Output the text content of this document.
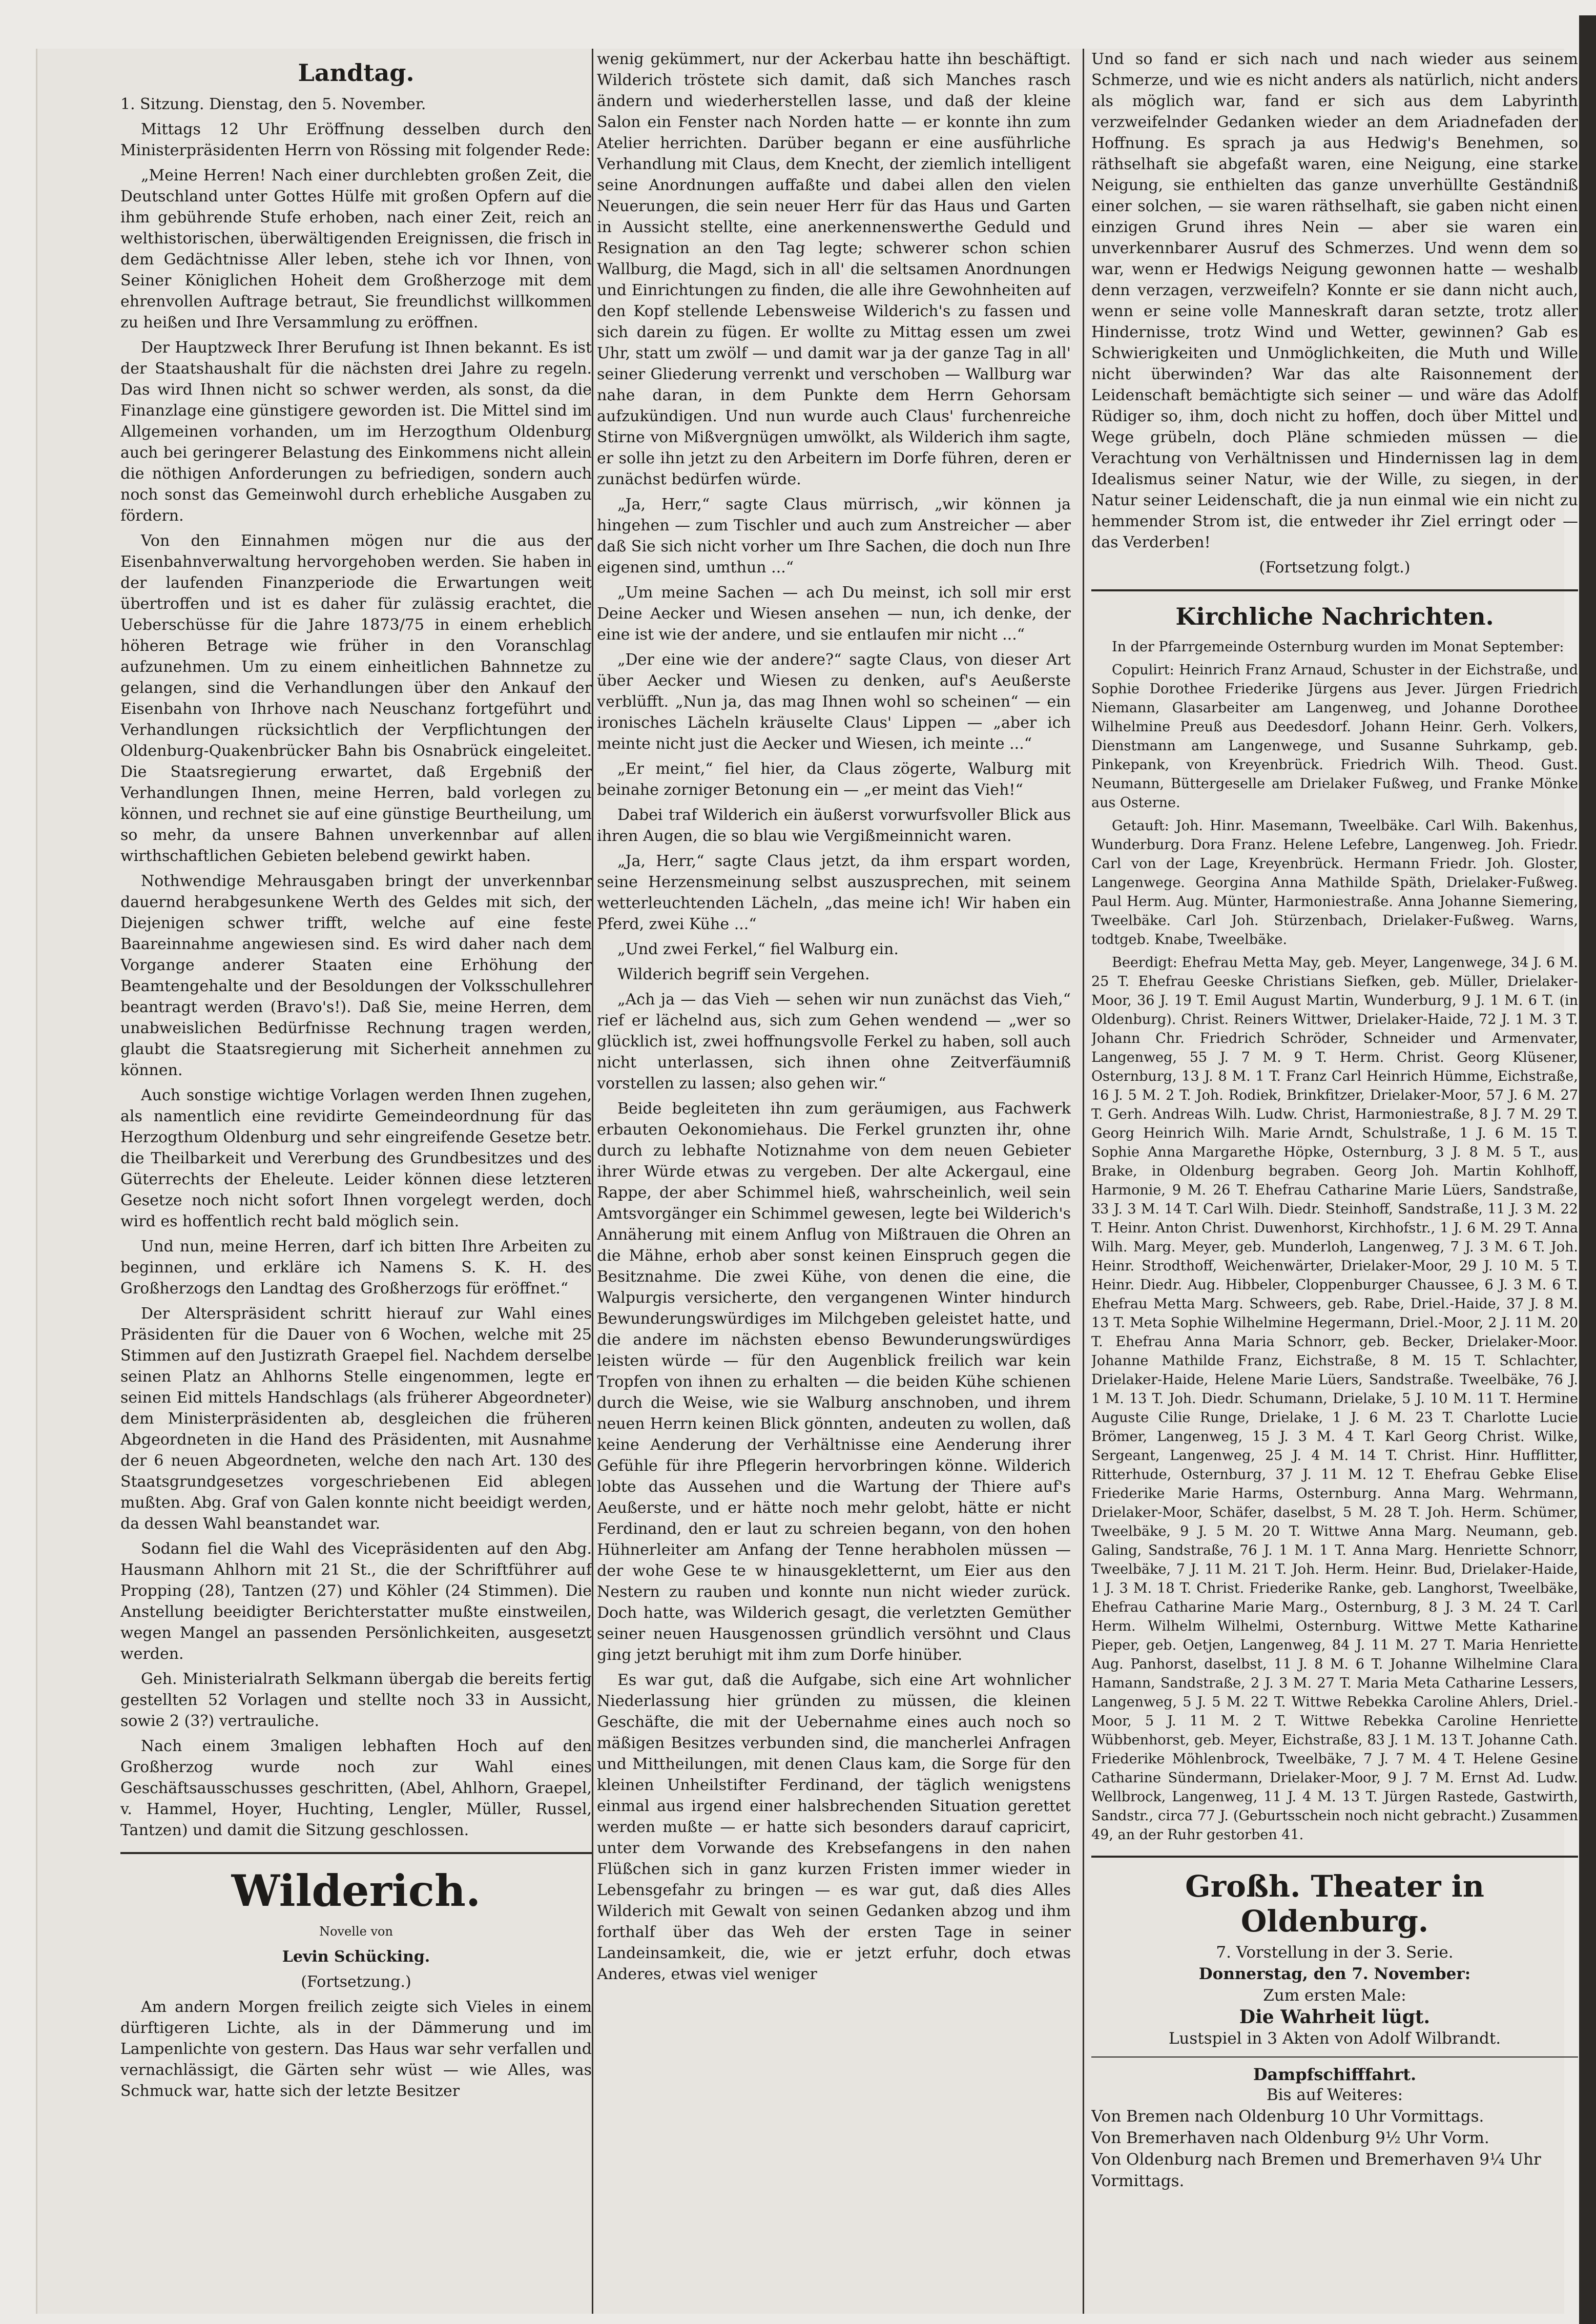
Landtag.

1. Sitzung. Dienstag, den 5. November.

Mittags 12 Uhr Eröffnung desselben durch den Ministerpräsidenten Herrn von Rössing mit folgender Rede:

„Meine Herren! Nach einer durchlebten großen Zeit, die Deutschland unter Gottes Hülfe mit großen Opfern auf die ihm gebührende Stufe erhoben, nach einer Zeit, reich an welthistorischen, überwältigenden Ereignissen, die frisch in dem Gedächtnisse Aller leben, stehe ich vor Ihnen, von Seiner Königlichen Hoheit dem Großherzoge mit dem ehrenvollen Auftrage betraut, Sie freundlichst willkommen zu heißen und Ihre Versammlung zu eröffnen.

Der Hauptzweck Ihrer Berufung ist Ihnen bekannt. Es ist der Staatshaushalt für die nächsten drei Jahre zu regeln. Das wird Ihnen nicht so schwer werden, als sonst, da die Finanzlage eine günstigere geworden ist. Die Mittel sind im Allgemeinen vorhanden, um im Herzogthum Oldenburg auch bei geringerer Belastung des Einkommens nicht allein die nöthigen Anforderungen zu befriedigen, sondern auch noch sonst das Gemeinwohl durch erhebliche Ausgaben zu fördern.

Von den Einnahmen mögen nur die aus der Eisenbahnverwaltung hervorgehoben werden. Sie haben in der laufenden Finanzperiode die Erwartungen weit übertroffen und ist es daher für zulässig erachtet, die Ueberschüsse für die Jahre 1873/75 in einem erheblich höheren Betrage wie früher in den Voranschlag aufzunehmen. Um zu einem einheitlichen Bahnnetze zu gelangen, sind die Verhandlungen über den Ankauf der Eisenbahn von Ihrhove nach Neuschanz fortgeführt und Verhandlungen rücksichtlich der Verpflichtungen der Oldenburg-Quakenbrücker Bahn bis Osnabrück eingeleitet. Die Staatsregierung erwartet, daß Ergebniß der Verhandlungen Ihnen, meine Herren, bald vorlegen zu können, und rechnet sie auf eine günstige Beurtheilung, um so mehr, da unsere Bahnen unverkennbar auf allen wirthschaftlichen Gebieten belebend gewirkt haben.

Nothwendige Mehrausgaben bringt der unverkennbar dauernd herabgesunkene Werth des Geldes mit sich, der Diejenigen schwer trifft, welche auf eine feste Baareinnahme angewiesen sind. Es wird daher nach dem Vorgange anderer Staaten eine Erhöhung der Beamtengehalte und der Besoldungen der Volksschullehrer beantragt werden (Bravo's!). Daß Sie, meine Herren, dem unabweislichen Bedürfnisse Rechnung tragen werden, glaubt die Staatsregierung mit Sicherheit annehmen zu können.

Auch sonstige wichtige Vorlagen werden Ihnen zugehen, als namentlich eine revidirte Gemeindeordnung für das Herzogthum Oldenburg und sehr eingreifende Gesetze betr. die Theilbarkeit und Vererbung des Grundbesitzes und des Güterrechts der Eheleute. Leider können diese letzteren Gesetze noch nicht sofort Ihnen vorgelegt werden, doch wird es hoffentlich recht bald möglich sein.

Und nun, meine Herren, darf ich bitten Ihre Arbeiten zu beginnen, und erkläre ich Namens S. K. H. des Großherzogs den Landtag des Großherzogs für eröffnet.“

Der Alterspräsident schritt hierauf zur Wahl eines Präsidenten für die Dauer von 6 Wochen, welche mit 25 Stimmen auf den Justizrath Graepel fiel. Nachdem derselbe seinen Platz an Ahlhorns Stelle eingenommen, legte er seinen Eid mittels Handschlags (als früherer Abgeordneter) dem Ministerpräsidenten ab, desgleichen die früheren Abgeordneten in die Hand des Präsidenten, mit Ausnahme der 6 neuen Abgeordneten, welche den nach Art. 130 des Staatsgrundgesetzes vorgeschriebenen Eid ablegen mußten. Abg. Graf von Galen konnte nicht beeidigt werden, da dessen Wahl beanstandet war.

Sodann fiel die Wahl des Vicepräsidenten auf den Abg. Hausmann Ahlhorn mit 21 St., die der Schriftführer auf Propping (28), Tantzen (27) und Köhler (24 Stimmen). Die Anstellung beeidigter Berichterstatter mußte einstweilen, wegen Mangel an passenden Persönlichkeiten, ausgesetzt werden.

Geh. Ministerialrath Selkmann übergab die bereits fertig gestellten 52 Vorlagen und stellte noch 33 in Aussicht, sowie 2 (3?) vertrauliche.

Nach einem 3maligen lebhaften Hoch auf den Großherzog wurde noch zur Wahl eines Geschäftsausschusses geschritten, (Abel, Ahlhorn, Graepel, v. Hammel, Hoyer, Huchting, Lengler, Müller, Russel, Tantzen) und damit die Sitzung geschlossen.

Wilderich.

Novelle von

Levin Schücking.

(Fortsetzung.)

Am andern Morgen freilich zeigte sich Vieles in einem dürftigeren Lichte, als in der Dämmerung und im Lampenlichte von gestern. Das Haus war sehr verfallen und vernachlässigt, die Gärten sehr wüst — wie Alles, was Schmuck war, hatte sich der letzte Besitzer

wenig gekümmert, nur der Ackerbau hatte ihn beschäftigt. Wilderich tröstete sich damit, daß sich Manches rasch ändern und wiederherstellen lasse, und daß der kleine Salon ein Fenster nach Norden hatte — er konnte ihn zum Atelier herrichten. Darüber begann er eine ausführliche Verhandlung mit Claus, dem Knecht, der ziemlich intelligent seine Anordnungen auffaßte und dabei allen den vielen Neuerungen, die sein neuer Herr für das Haus und Garten in Aussicht stellte, eine anerkennenswerthe Geduld und Resignation an den Tag legte; schwerer schon schien Wallburg, die Magd, sich in all' die seltsamen Anordnungen und Einrichtungen zu finden, die alle ihre Gewohnheiten auf den Kopf stellende Lebensweise Wilderich's zu fassen und sich darein zu fügen. Er wollte zu Mittag essen um zwei Uhr, statt um zwölf — und damit war ja der ganze Tag in all' seiner Gliederung verrenkt und verschoben — Wallburg war nahe daran, in dem Punkte dem Herrn Gehorsam aufzukündigen. Und nun wurde auch Claus' furchenreiche Stirne von Mißvergnügen umwölkt, als Wilderich ihm sagte, er solle ihn jetzt zu den Arbeitern im Dorfe führen, deren er zunächst bedürfen würde.

„Ja, Herr,“ sagte Claus mürrisch, „wir können ja hingehen — zum Tischler und auch zum Anstreicher — aber daß Sie sich nicht vorher um Ihre Sachen, die doch nun Ihre eigenen sind, umthun ...“

„Um meine Sachen — ach Du meinst, ich soll mir erst Deine Aecker und Wiesen ansehen — nun, ich denke, der eine ist wie der andere, und sie entlaufen mir nicht ...“

„Der eine wie der andere?“ sagte Claus, von dieser Art über Aecker und Wiesen zu denken, auf's Aeußerste verblüfft. „Nun ja, das mag Ihnen wohl so scheinen“ — ein ironisches Lächeln kräuselte Claus' Lippen — „aber ich meinte nicht just die Aecker und Wiesen, ich meinte ...“

„Er meint,“ fiel hier, da Claus zögerte, Walburg mit beinahe zorniger Betonung ein — „er meint das Vieh!“

Dabei traf Wilderich ein äußerst vorwurfsvoller Blick aus ihren Augen, die so blau wie Vergißmeinnicht waren.

„Ja, Herr,“ sagte Claus jetzt, da ihm erspart worden, seine Herzensmeinung selbst auszusprechen, mit seinem wetterleuchtenden Lächeln, „das meine ich! Wir haben ein Pferd, zwei Kühe ...“

„Und zwei Ferkel,“ fiel Walburg ein.

Wilderich begriff sein Vergehen.

„Ach ja — das Vieh — sehen wir nun zunächst das Vieh,“ rief er lächelnd aus, sich zum Gehen wendend — „wer so glücklich ist, zwei hoffnungsvolle Ferkel zu haben, soll auch nicht unterlassen, sich ihnen ohne Zeitverfäumniß vorstellen zu lassen; also gehen wir.“

Beide begleiteten ihn zum geräumigen, aus Fachwerk erbauten Oekonomiehaus. Die Ferkel grunzten ihr, ohne durch zu lebhafte Notiznahme von dem neuen Gebieter ihrer Würde etwas zu vergeben. Der alte Ackergaul, eine Rappe, der aber Schimmel hieß, wahrscheinlich, weil sein Amtsvorgänger ein Schimmel gewesen, legte bei Wilderich's Annäherung mit einem Anflug von Mißtrauen die Ohren an die Mähne, erhob aber sonst keinen Einspruch gegen die Besitznahme. Die zwei Kühe, von denen die eine, die Walpurgis versicherte, den vergangenen Winter hindurch Bewunderungswürdiges im Milchgeben geleistet hatte, und die andere im nächsten ebenso Bewunderungswürdiges leisten würde — für den Augenblick freilich war kein Tropfen von ihnen zu erhalten — die beiden Kühe schienen durch die Weise, wie sie Walburg anschnoben, und ihrem neuen Herrn keinen Blick gönnten, andeuten zu wollen, daß keine Aenderung der Verhältnisse eine Aenderung ihrer Gefühle für ihre Pflegerin hervorbringen könne. Wilderich lobte das Aussehen und die Wartung der Thiere auf's Aeußerste, und er hätte noch mehr gelobt, hätte er nicht Ferdinand, den er laut zu schreien begann, von den hohen Hühnerleiter am Anfang der Tenne herabholen müssen — der wohe Gese te w hinausgekletternt, um Eier aus den Nestern zu rauben und konnte nun nicht wieder zurück. Doch hatte, was Wilderich gesagt, die verletzten Gemüther seiner neuen Hausgenossen gründlich versöhnt und Claus ging jetzt beruhigt mit ihm zum Dorfe hinüber.

Es war gut, daß die Aufgabe, sich eine Art wohnlicher Niederlassung hier gründen zu müssen, die kleinen Geschäfte, die mit der Uebernahme eines auch noch so mäßigen Besitzes verbunden sind, die mancherlei Anfragen und Mittheilungen, mit denen Claus kam, die Sorge für den kleinen Unheilstifter Ferdinand, der täglich wenigstens einmal aus irgend einer halsbrechenden Situation gerettet werden mußte — er hatte sich besonders darauf capricirt, unter dem Vorwande des Krebsefangens in den nahen Flüßchen sich in ganz kurzen Fristen immer wieder in Lebensgefahr zu bringen — es war gut, daß dies Alles Wilderich mit Gewalt von seinen Gedanken abzog und ihm forthalf über das Weh der ersten Tage in seiner Landeinsamkeit, die, wie er jetzt erfuhr, doch etwas Anderes, etwas viel weniger

Und so fand er sich nach und nach wieder aus seinem Schmerze, und wie es nicht anders als natürlich, nicht anders als möglich war, fand er sich aus dem Labyrinth verzweifelnder Gedanken wieder an dem Ariadnefaden der Hoffnung. Es sprach ja aus Hedwig's Benehmen, so räthselhaft sie abgefaßt waren, eine Neigung, eine starke Neigung, sie enthielten das ganze unverhüllte Geständniß einer solchen, — sie waren räthselhaft, sie gaben nicht einen einzigen Grund ihres Nein — aber sie waren ein unverkennbarer Ausruf des Schmerzes. Und wenn dem so war, wenn er Hedwigs Neigung gewonnen hatte — weshalb denn verzagen, verzweifeln? Konnte er sie dann nicht auch, wenn er seine volle Manneskraft daran setzte, trotz aller Hindernisse, trotz Wind und Wetter, gewinnen? Gab es Schwierigkeiten und Unmöglichkeiten, die Muth und Wille nicht überwinden? War das alte Raisonnement der Leidenschaft bemächtigte sich seiner — und wäre das Adolf Rüdiger so, ihm, doch nicht zu hoffen, doch über Mittel und Wege grübeln, doch Pläne schmieden müssen — die Verachtung von Verhältnissen und Hindernissen lag in dem Idealismus seiner Natur, wie der Wille, zu siegen, in der Natur seiner Leidenschaft, die ja nun einmal wie ein nicht zu hemmender Strom ist, die entweder ihr Ziel erringt oder — das Verderben!

(Fortsetzung folgt.)

Kirchliche Nachrichten.

In der Pfarrgemeinde Osternburg wurden im Monat September:

Copulirt: Heinrich Franz Arnaud, Schuster in der Eichstraße, und Sophie Dorothee Friederike Jürgens aus Jever. Jürgen Friedrich Niemann, Glasarbeiter am Langenweg, und Johanne Dorothee Wilhelmine Preuß aus Deedesdorf. Johann Heinr. Gerh. Volkers, Dienstmann am Langenwege, und Susanne Suhrkamp, geb. Pinkepank, von Kreyenbrück. Friedrich Wilh. Theod. Gust. Neumann, Büttergeselle am Drielaker Fußweg, und Franke Mönke aus Osterne.

Getauft: Joh. Hinr. Masemann, Tweelbäke. Carl Wilh. Bakenhus, Wunderburg. Dora Franz. Helene Lefebre, Langenweg. Joh. Friedr. Carl von der Lage, Kreyenbrück. Hermann Friedr. Joh. Gloster, Langenwege. Georgina Anna Mathilde Späth, Drielaker-Fußweg. Paul Herm. Aug. Münter, Harmoniestraße. Anna Johanne Siemering, Tweelbäke. Carl Joh. Stürzenbach, Drielaker-Fußweg. Warns, todtgeb. Knabe, Tweelbäke.

Beerdigt: Ehefrau Metta May, geb. Meyer, Langenwege, 34 J. 6 M. 25 T. Ehefrau Geeske Christians Siefken, geb. Müller, Drielaker-Moor, 36 J. 19 T. Emil August Martin, Wunderburg, 9 J. 1 M. 6 T. (in Oldenburg). Christ. Reiners Wittwer, Drielaker-Haide, 72 J. 1 M. 3 T. Johann Chr. Friedrich Schröder, Schneider und Armenvater, Langenweg, 55 J. 7 M. 9 T. Herm. Christ. Georg Klüsener, Osternburg, 13 J. 8 M. 1 T. Franz Carl Heinrich Hümme, Eichstraße, 16 J. 5 M. 2 T. Joh. Rodiek, Brinkfitzer, Drielaker-Moor, 57 J. 6 M. 27 T. Gerh. Andreas Wilh. Ludw. Christ, Harmoniestraße, 8 J. 7 M. 29 T. Georg Heinrich Wilh. Marie Arndt, Schulstraße, 1 J. 6 M. 15 T. Sophie Anna Margarethe Höpke, Osternburg, 3 J. 8 M. 5 T., aus Brake, in Oldenburg begraben. Georg Joh. Martin Kohlhoff, Harmonie, 9 M. 26 T. Ehefrau Catharine Marie Lüers, Sandstraße, 33 J. 3 M. 14 T. Carl Wilh. Diedr. Steinhoff, Sandstraße, 11 J. 3 M. 22 T. Heinr. Anton Christ. Duwenhorst, Kirchhofstr., 1 J. 6 M. 29 T. Anna Wilh. Marg. Meyer, geb. Munderloh, Langenweg, 7 J. 3 M. 6 T. Joh. Heinr. Strodthoff, Weichenwärter, Drielaker-Moor, 29 J. 10 M. 5 T. Heinr. Diedr. Aug. Hibbeler, Cloppenburger Chaussee, 6 J. 3 M. 6 T. Ehefrau Metta Marg. Schweers, geb. Rabe, Driel.-Haide, 37 J. 8 M. 13 T. Meta Sophie Wilhelmine Hegermann, Driel.-Moor, 2 J. 11 M. 20 T. Ehefrau Anna Maria Schnorr, geb. Becker, Drielaker-Moor. Johanne Mathilde Franz, Eichstraße, 8 M. 15 T. Schlachter, Drielaker-Haide, Helene Marie Lüers, Sandstraße. Tweelbäke, 76 J. 1 M. 13 T. Joh. Diedr. Schumann, Drielake, 5 J. 10 M. 11 T. Hermine Auguste Cilie Runge, Drielake, 1 J. 6 M. 23 T. Charlotte Lucie Brömer, Langenweg, 15 J. 3 M. 4 T. Karl Georg Christ. Wilke, Sergeant, Langenweg, 25 J. 4 M. 14 T. Christ. Hinr. Hufflitter, Ritterhude, Osternburg, 37 J. 11 M. 12 T. Ehefrau Gebke Elise Friederike Marie Harms, Osternburg. Anna Marg. Wehrmann, Drielaker-Moor, Schäfer, daselbst, 5 M. 28 T. Joh. Herm. Schümer, Tweelbäke, 9 J. 5 M. 20 T. Wittwe Anna Marg. Neumann, geb. Galing, Sandstraße, 76 J. 1 M. 1 T. Anna Marg. Henriette Schnorr, Tweelbäke, 7 J. 11 M. 21 T. Joh. Herm. Heinr. Bud, Drielaker-Haide, 1 J. 3 M. 18 T. Christ. Friederike Ranke, geb. Langhorst, Tweelbäke, Ehefrau Catharine Marie Marg., Osternburg, 8 J. 3 M. 24 T. Carl Herm. Wilhelm Wilhelmi, Osternburg. Wittwe Mette Katharine Pieper, geb. Oetjen, Langenweg, 84 J. 11 M. 27 T. Maria Henriette Aug. Panhorst, daselbst, 11 J. 8 M. 6 T. Johanne Wilhelmine Clara Hamann, Sandstraße, 2 J. 3 M. 27 T. Maria Meta Catharine Lessers, Langenweg, 5 J. 5 M. 22 T. Wittwe Rebekka Caroline Ahlers, Driel.-Moor, 5 J. 11 M. 2 T. Wittwe Rebekka Caroline Henriette Wübbenhorst, geb. Meyer, Eichstraße, 83 J. 1 M. 13 T. Johanne Cath. Friederike Möhlenbrock, Tweelbäke, 7 J. 7 M. 4 T. Helene Gesine Catharine Sündermann, Drielaker-Moor, 9 J. 7 M. Ernst Ad. Ludw. Wellbrock, Langenweg, 11 J. 4 M. 13 T. Jürgen Rastede, Gastwirth, Sandstr., circa 77 J. (Geburtsschein noch nicht gebracht.) Zusammen 49, an der Ruhr gestorben 41.

Großh. Theater in Oldenburg.
7. Vorstellung in der 3. Serie.
Donnerstag, den 7. November:
Zum ersten Male:
Die Wahrheit lügt.
Lustspiel in 3 Akten von Adolf Wilbrandt.
Dampfschifffahrt.
Bis auf Weiteres:
Von Bremen nach Oldenburg 10 Uhr Vormittags.
Von Bremerhaven nach Oldenburg 9½ Uhr Vorm.
Von Oldenburg nach Bremen und Bremerhaven 9¼ Uhr
Vormittags.
